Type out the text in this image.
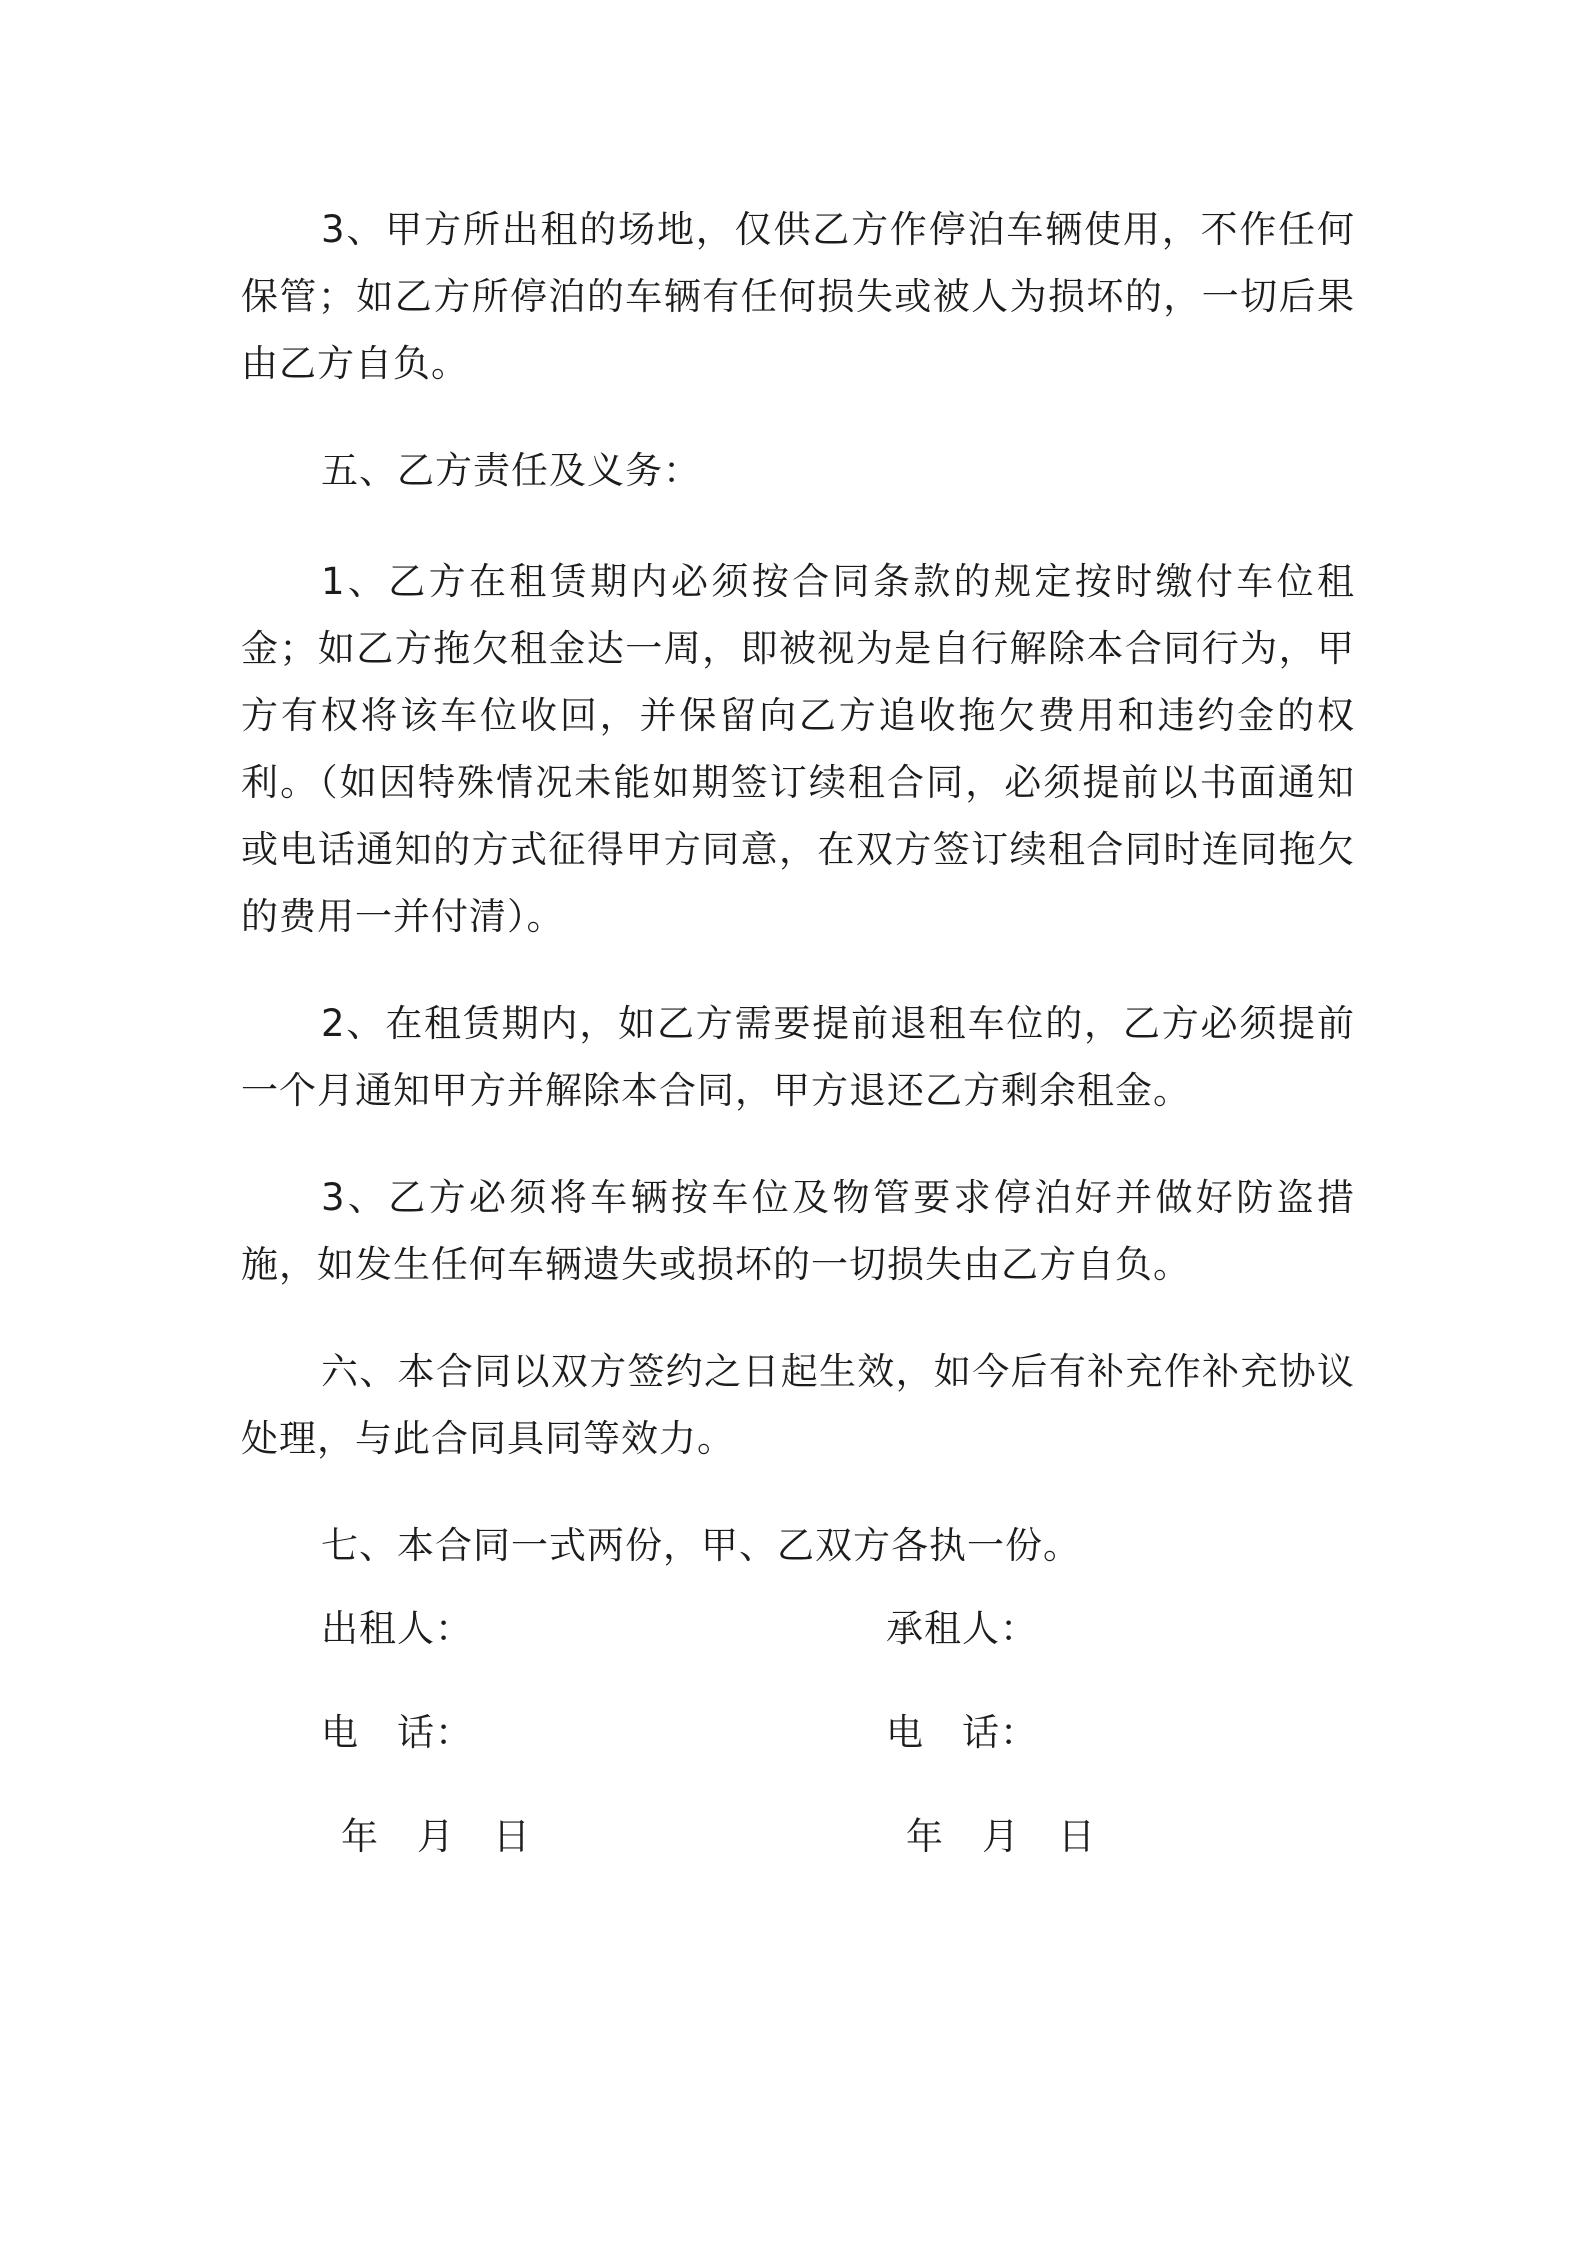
3、甲方所出租的场地，仅供乙方作停泊车辆使用，不作任何保管；如乙方所停泊的车辆有任何损失或被人为损坏的，一切后果由乙方自负。

五、乙方责任及义务：

1、乙方在租赁期内必须按合同条款的规定按时缴付车位租金；如乙方拖欠租金达一周，即被视为是自行解除本合同行为，甲方有权将该车位收回，并保留向乙方追收拖欠费用和违约金的权利。（如因特殊情况未能如期签订续租合同，必须提前以书面通知或电话通知的方式征得甲方同意，在双方签订续租合同时连同拖欠的费用一并付清）。

2、在租赁期内，如乙方需要提前退租车位的，乙方必须提前一个月通知甲方并解除本合同，甲方退还乙方剩余租金。

3、乙方必须将车辆按车位及物管要求停泊好并做好防盗措施，如发生任何车辆遗失或损坏的一切损失由乙方自负。

六、本合同以双方签约之日起生效，如今后有补充作补充协议处理，与此合同具同等效力。

七、本合同一式两份，甲、乙双方各执一份。

出租人：	承租人：
电　话：	电　话：
年　月　日	年　月　日
